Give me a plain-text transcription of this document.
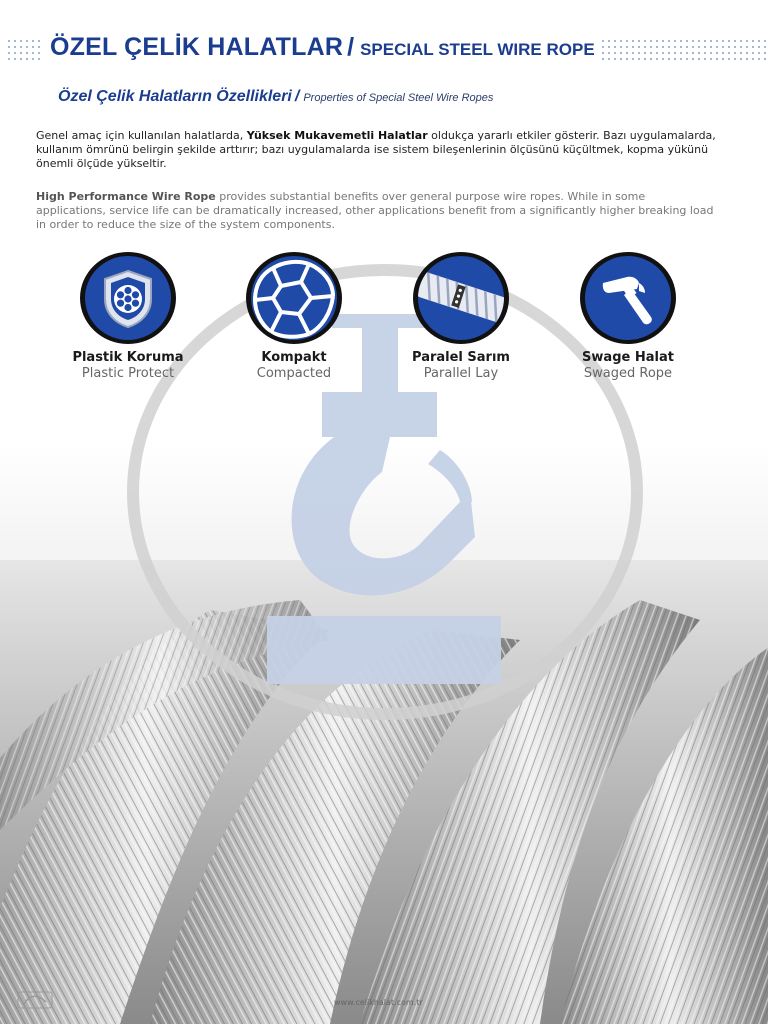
ÖZEL ÇELİK HALATLAR / SPECIAL STEEL WIRE ROPE
Özel Çelik Halatların Özellikleri / Properties of Special Steel Wire Ropes
Genel amaç için kullanılan halatlarda, Yüksek Mukavemetli Halatlar oldukça yararlı etkiler gösterir. Bazı uygulamalarda, kullanım ömrünü belirgin şekilde arttırır; bazı uygulamalarda ise sistem bileşenlerinin ölçüsünü küçültmek, kopma yükünü önemli ölçüde yükseltir.
High Performance Wire Rope provides substantial benefits over general purpose wire ropes. While in some applications, service life can be dramatically increased, other applications benefit from a significantly higher breaking load in order to reduce the size of the system components.
Plastik Koruma
Plastic Protect
Kompakt
Compacted
Paralel Sarım
Parallel Lay
Swage Halat
Swaged Rope
www.celikhalat.com.tr
